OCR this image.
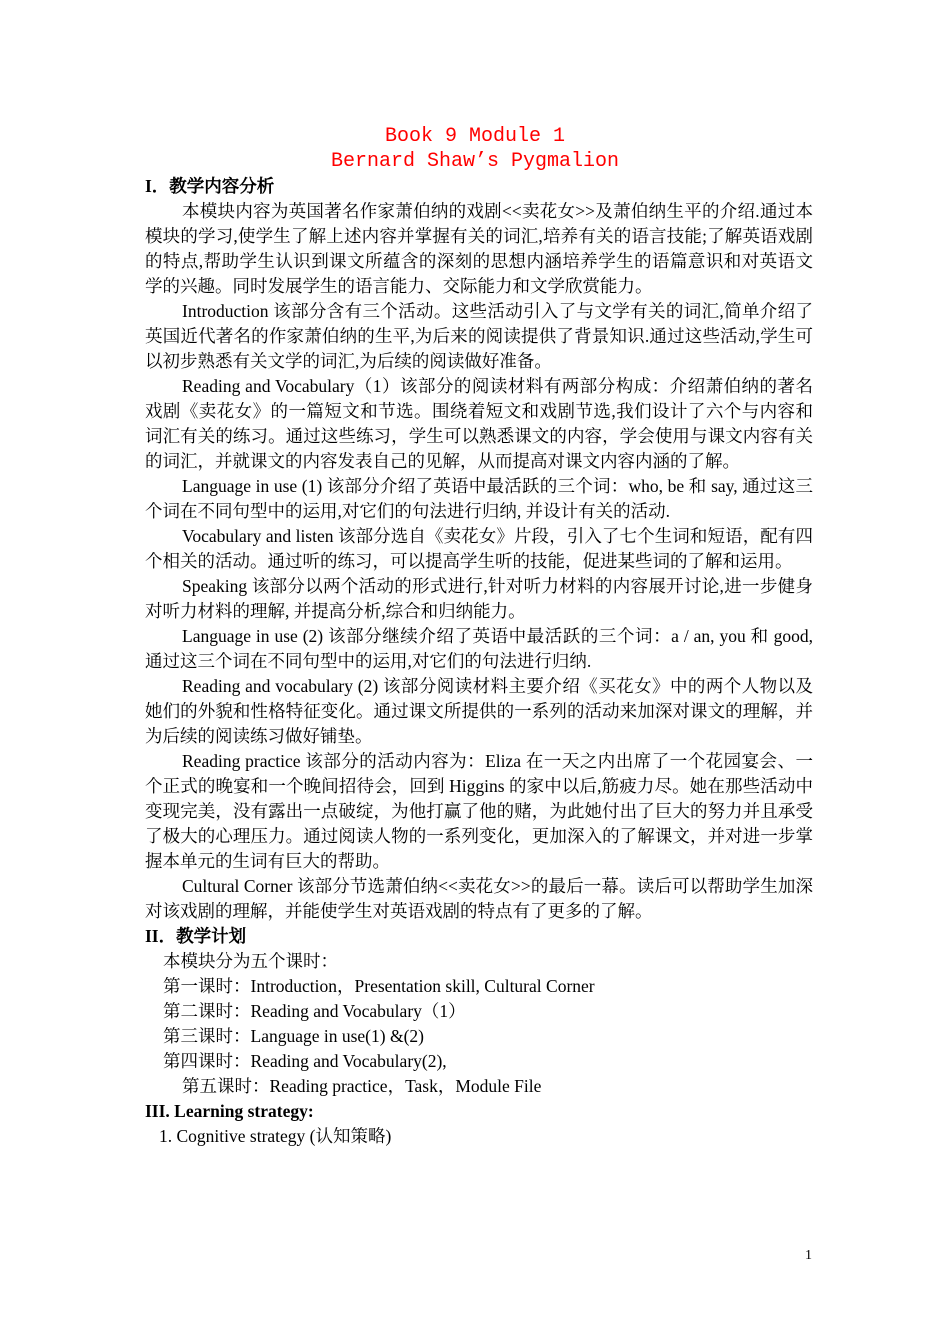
Book 9 Module 1
Bernard Shaw’s Pygmalion

I．教学内容分析

本模块内容为英国著名作家萧伯纳的戏剧<<卖花女>>及萧伯纳生平的介绍.通过本模块的学习,使学生了解上述内容并掌握有关的词汇,培养有关的语言技能;了解英语戏剧的特点,帮助学生认识到课文所蕴含的深刻的思想内涵培养学生的语篇意识和对英语文学的兴趣。同时发展学生的语言能力、交际能力和文学欣赏能力。

Introduction 该部分含有三个活动。这些活动引入了与文学有关的词汇,简单介绍了英国近代著名的作家萧伯纳的生平,为后来的阅读提供了背景知识.通过这些活动,学生可以初步熟悉有关文学的词汇,为后续的阅读做好准备。

Reading and Vocabulary（1）该部分的阅读材料有两部分构成：介绍萧伯纳的著名戏剧《卖花女》的一篇短文和节选。围绕着短文和戏剧节选,我们设计了六个与内容和词汇有关的练习。通过这些练习，学生可以熟悉课文的内容，学会使用与课文内容有关的词汇，并就课文的内容发表自己的见解，从而提高对课文内容内涵的了解。

Language in use (1) 该部分介绍了英语中最活跃的三个词：who, be 和 say, 通过这三个词在不同句型中的运用,对它们的句法进行归纳, 并设计有关的活动.

Vocabulary and listen 该部分选自《卖花女》片段，引入了七个生词和短语，配有四个相关的活动。通过听的练习，可以提高学生听的技能，促进某些词的了解和运用。

Speaking 该部分以两个活动的形式进行,针对听力材料的内容展开讨论,进一步健身对听力材料的理解, 并提高分析,综合和归纳能力。

Language in use (2) 该部分继续介绍了英语中最活跃的三个词：a / an, you 和 good,通过这三个词在不同句型中的运用,对它们的句法进行归纳.

Reading and vocabulary (2) 该部分阅读材料主要介绍《买花女》中的两个人物以及她们的外貌和性格特征变化。通过课文所提供的一系列的活动来加深对课文的理解，并为后续的阅读练习做好铺垫。

Reading practice 该部分的活动内容为：Eliza 在一天之内出席了一个花园宴会、一个正式的晚宴和一个晚间招待会，回到 Higgins 的家中以后,筋疲力尽。她在那些活动中变现完美，没有露出一点破绽，为他打赢了他的赌，为此她付出了巨大的努力并且承受了极大的心理压力。通过阅读人物的一系列变化，更加深入的了解课文，并对进一步掌握本单元的生词有巨大的帮助。

Cultural Corner 该部分节选萧伯纳<<卖花女>>的最后一幕。读后可以帮助学生加深对该戏剧的理解，并能使学生对英语戏剧的特点有了更多的了解。

II．教学计划

本模块分为五个课时：

第一课时：Introduction，Presentation skill, Cultural Corner

第二课时：Reading and Vocabulary（1）

第三课时：Language in use(1) &(2)

第四课时：Reading and Vocabulary(2),

第五课时：Reading practice，Task，Module File

III. Learning strategy:

1. Cognitive strategy (认知策略)

1
